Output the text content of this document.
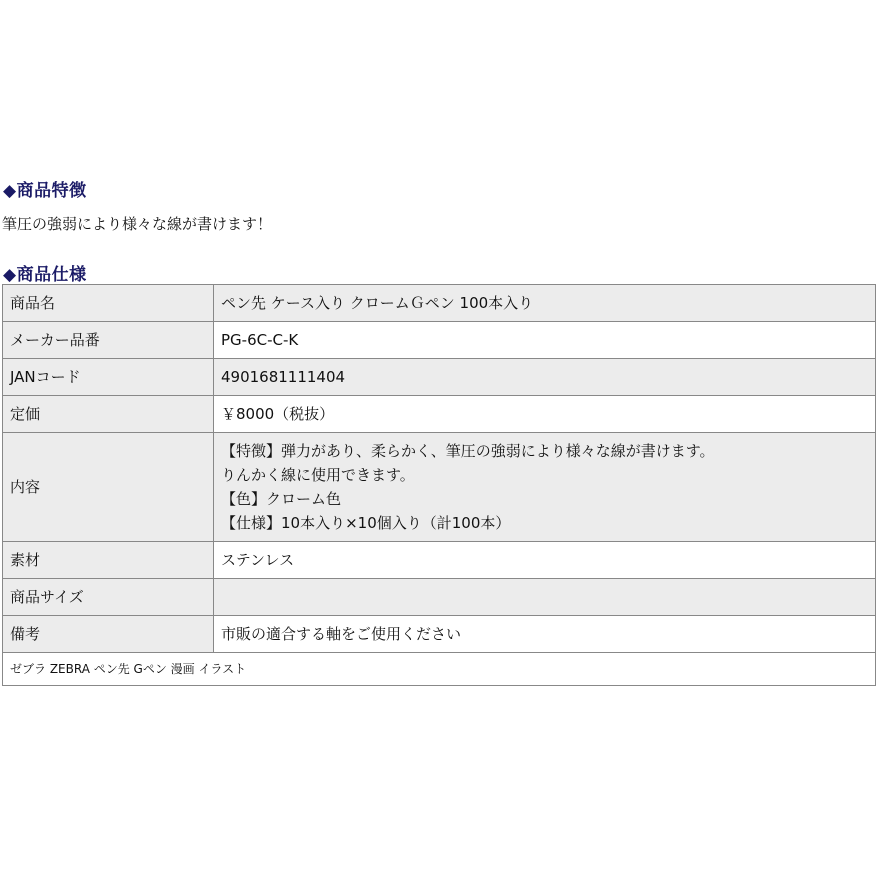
◆商品特徴
筆圧の強弱により様々な線が書けます！
◆商品仕様
商品名	ペン先 ケース入り クロームＧペン 100本入り
メーカー品番	PG-6C-C-K
JANコード	4901681111404
定価	￥8000（税抜）
内容	【特徴】弾力があり、柔らかく、筆圧の強弱により様々な線が書けます。
りんかく線に使用できます。
【色】クローム色
【仕様】10本入り×10個入り（計100本）

素材	ステンレス
商品サイズ	
備考	市販の適合する軸をご使用ください
ゼブラ ZEBRA ペン先 Gペン 漫画 イラスト	
